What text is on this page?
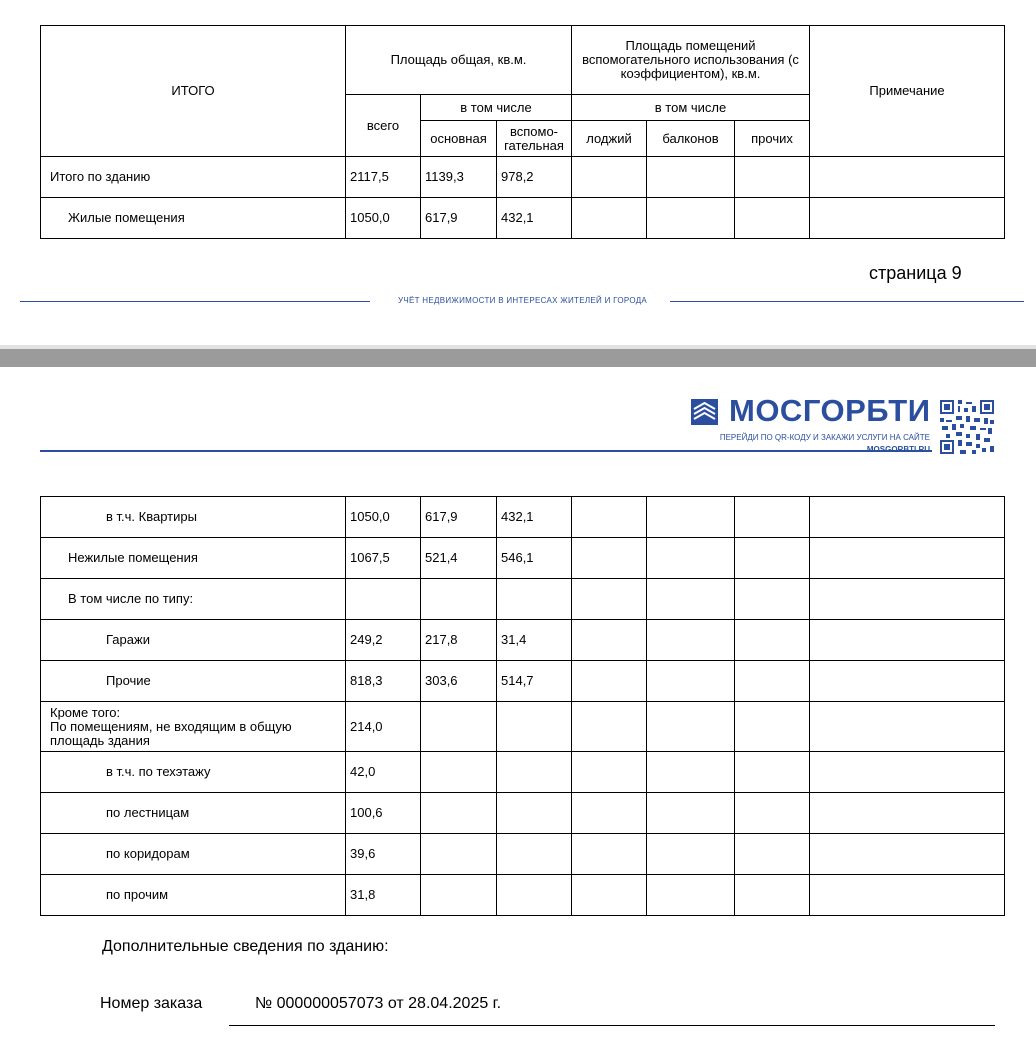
ИТОГО	Площадь общая, кв.м.			Площадь помещений вспомогательного использования (с коэффициентом), кв.м.			Примечание
	всего	в том числе		в том числе			
		основная	вспомо-гательная	лоджий	балконов	прочих	
Итого по зданию	2117,5	1139,3	978,2				
Жилые помещения	1050,0	617,9	432,1				
страница 9
УЧЁТ НЕДВИЖИМОСТИ В ИНТЕРЕСАХ ЖИТЕЛЕЙ И ГОРОДА
МОСГОРБТИ
ПЕРЕЙДИ ПО QR-КОДУ И ЗАКАЖИ УСЛУГИ НА САЙТЕ
в т.ч. Квартиры	1050,0	617,9	432,1				
Нежилые помещения	1067,5	521,4	546,1				
В том числе по типу:							
Гаражи	249,2	217,8	31,4				
Прочие	818,3	303,6	514,7				

Кроме того:
По помещениям, не входящим в общую площадь здания	214,0						
в т.ч. по техэтажу	42,0						
по лестницам	100,6						
по коридорам	39,6						
по прочим	31,8						
Дополнительные сведения по зданию:
Номер заказа	№ 000000057073 от 28.04.2025 г.
